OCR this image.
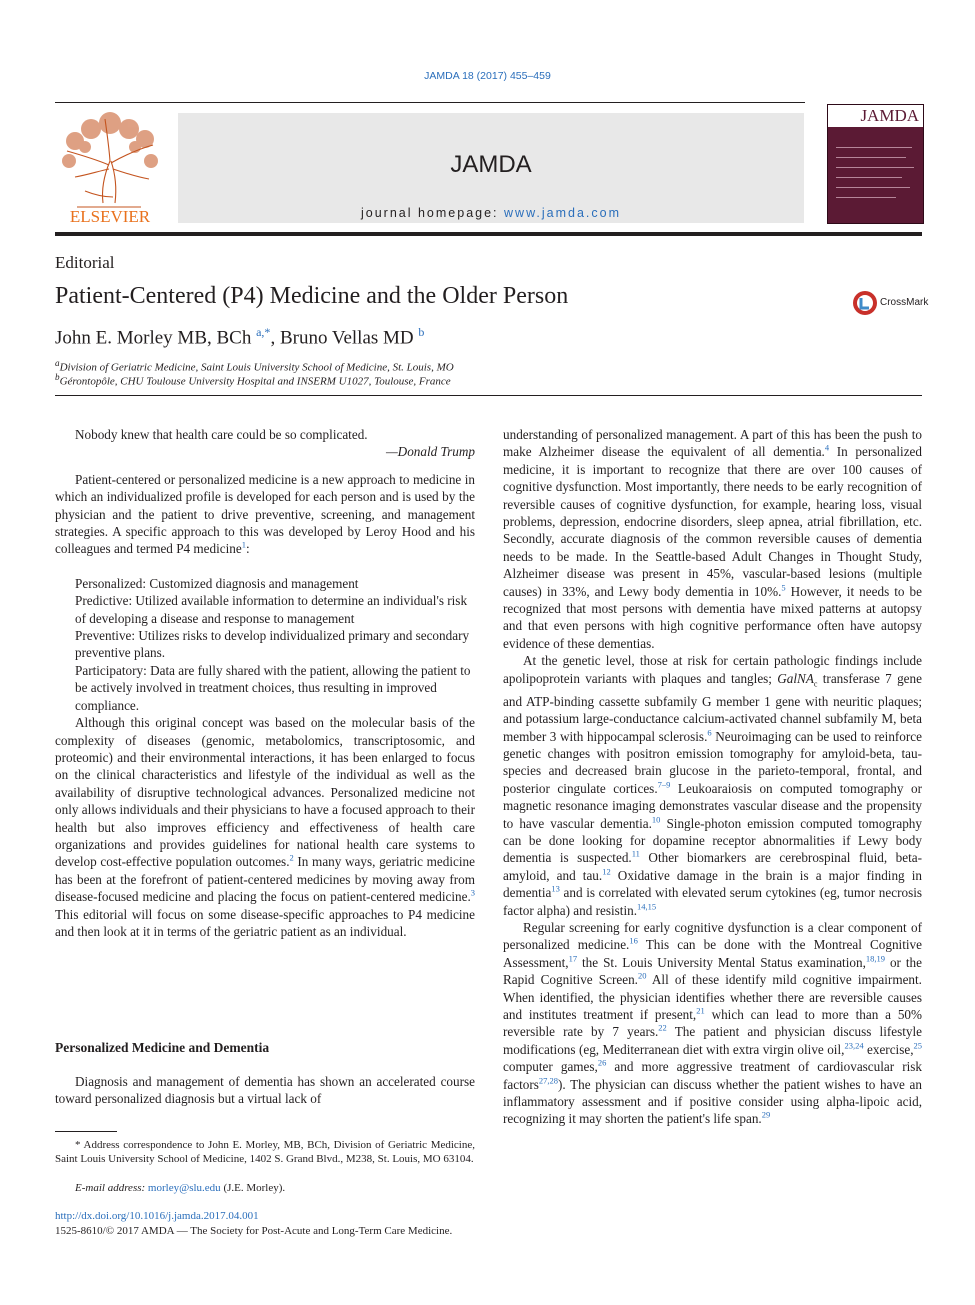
JAMDA 18 (2017) 455–459
ELSEVIER
JAMDA
journal homepage: www.jamda.com
JAMDA
Editorial
Patient-Centered (P4) Medicine and the Older Person
John E. Morley MB, BCh $^{a,*}$, Bruno Vellas MD $^b$
CrossMark
$^a$Division of Geriatric Medicine, Saint Louis University School of Medicine, St. Louis, MO
$^b$Gérontopôle, CHU Toulouse University Hospital and INSERM U1027, Toulouse, France

Nobody knew that health care could be so complicated.

—Donald Trump

Patient-centered or personalized medicine is a new approach to medicine in which an individualized profile is developed for each person and is used by the physician and the patient to drive preventive, screening, and management strategies. A specific approach to this was developed by Leroy Hood and his colleagues and termed P4 medicine$^1$:

Personalized: Customized diagnosis and management

Predictive: Utilized available information to determine an individual's risk of developing a disease and response to management

Preventive: Utilizes risks to develop individualized primary and secondary preventive plans.

Participatory: Data are fully shared with the patient, allowing the patient to be actively involved in treatment choices, thus resulting in improved compliance.

Although this original concept was based on the molecular basis of the complexity of diseases (genomic, metabolomics, transcriptosomic, and proteomic) and their environmental interactions, it has been enlarged to focus on the clinical characteristics and lifestyle of the individual as well as the availability of disruptive technological advances. Personalized medicine not only allows individuals and their physicians to have a focused approach to their health but also improves efficiency and effectiveness of health care organizations and provides guidelines for national health care systems to develop cost-effective population outcomes.$^2$ In many ways, geriatric medicine has been at the forefront of patient-centered medicines by moving away from disease-focused medicine and placing the focus on patient-centered medicine.$^3$ This editorial will focus on some disease-specific approaches to P4 medicine and then look at it in terms of the geriatric patient as an individual.

Personalized Medicine and Dementia

Diagnosis and management of dementia has shown an accelerated course toward personalized diagnosis but a virtual lack of

* Address correspondence to John E. Morley, MB, BCh, Division of Geriatric Medicine, Saint Louis University School of Medicine, 1402 S. Grand Blvd., M238, St. Louis, MO 63104.

E-mail address: morley@slu.edu (J.E. Morley).
http://dx.doi.org/10.1016/j.jamda.2017.04.001
1525-8610/© 2017 AMDA — The Society for Post-Acute and Long-Term Care Medicine.

understanding of personalized management. A part of this has been the push to make Alzheimer disease the equivalent of all dementia.$^4$ In personalized medicine, it is important to recognize that there are over 100 causes of cognitive dysfunction. Most importantly, there needs to be early recognition of reversible causes of cognitive dysfunction, for example, hearing loss, visual problems, depression, endocrine disorders, sleep apnea, atrial fibrillation, etc. Secondly, accurate diagnosis of the common reversible causes of dementia needs to be made. In the Seattle-based Adult Changes in Thought Study, Alzheimer disease was present in 45%, vascular-based lesions (multiple causes) in 33%, and Lewy body dementia in 10%.$^5$ However, it needs to be recognized that most persons with dementia have mixed patterns at autopsy and that even persons with high cognitive performance often have autopsy evidence of these dementias.

At the genetic level, those at risk for certain pathologic findings include apolipoprotein variants with plaques and tangles; GalNA$_c$ transferase 7 gene and ATP-binding cassette subfamily G member 1 gene with neuritic plaques; and potassium large-conductance calcium-activated channel subfamily M, beta member 3 with hippocampal sclerosis.$^6$ Neuroimaging can be used to reinforce genetic changes with positron emission tomography for amyloid-beta, tau-species and decreased brain glucose in the parieto-temporal, frontal, and posterior cingulate cortices.$^{7-9}$ Leukoaraiosis on computed tomography or magnetic resonance imaging demonstrates vascular disease and the propensity to have vascular dementia.$^{10}$ Single-photon emission computed tomography can be done looking for dopamine receptor abnormalities if Lewy body dementia is suspected.$^{11}$ Other biomarkers are cerebrospinal fluid, beta-amyloid, and tau.$^{12}$ Oxidative damage in the brain is a major finding in dementia$^{13}$ and is correlated with elevated serum cytokines (eg, tumor necrosis factor alpha) and resistin.$^{14,15}$

Regular screening for early cognitive dysfunction is a clear component of personalized medicine.$^{16}$ This can be done with the Montreal Cognitive Assessment,$^{17}$ the St. Louis University Mental Status examination,$^{18,19}$ or the Rapid Cognitive Screen.$^{20}$ All of these identify mild cognitive impairment. When identified, the physician identifies whether there are reversible causes and institutes treatment if present,$^{21}$ which can lead to more than a 50% reversible rate by 7 years.$^{22}$ The patient and physician discuss lifestyle modifications (eg, Mediterranean diet with extra virgin olive oil,$^{23,24}$ exercise,$^{25}$ computer games,$^{26}$ and more aggressive treatment of cardiovascular risk factors$^{27,28}$). The physician can discuss whether the patient wishes to have an inflammatory assessment and if positive consider using alpha-lipoic acid, recognizing it may shorten the patient's life span.$^{29}$
